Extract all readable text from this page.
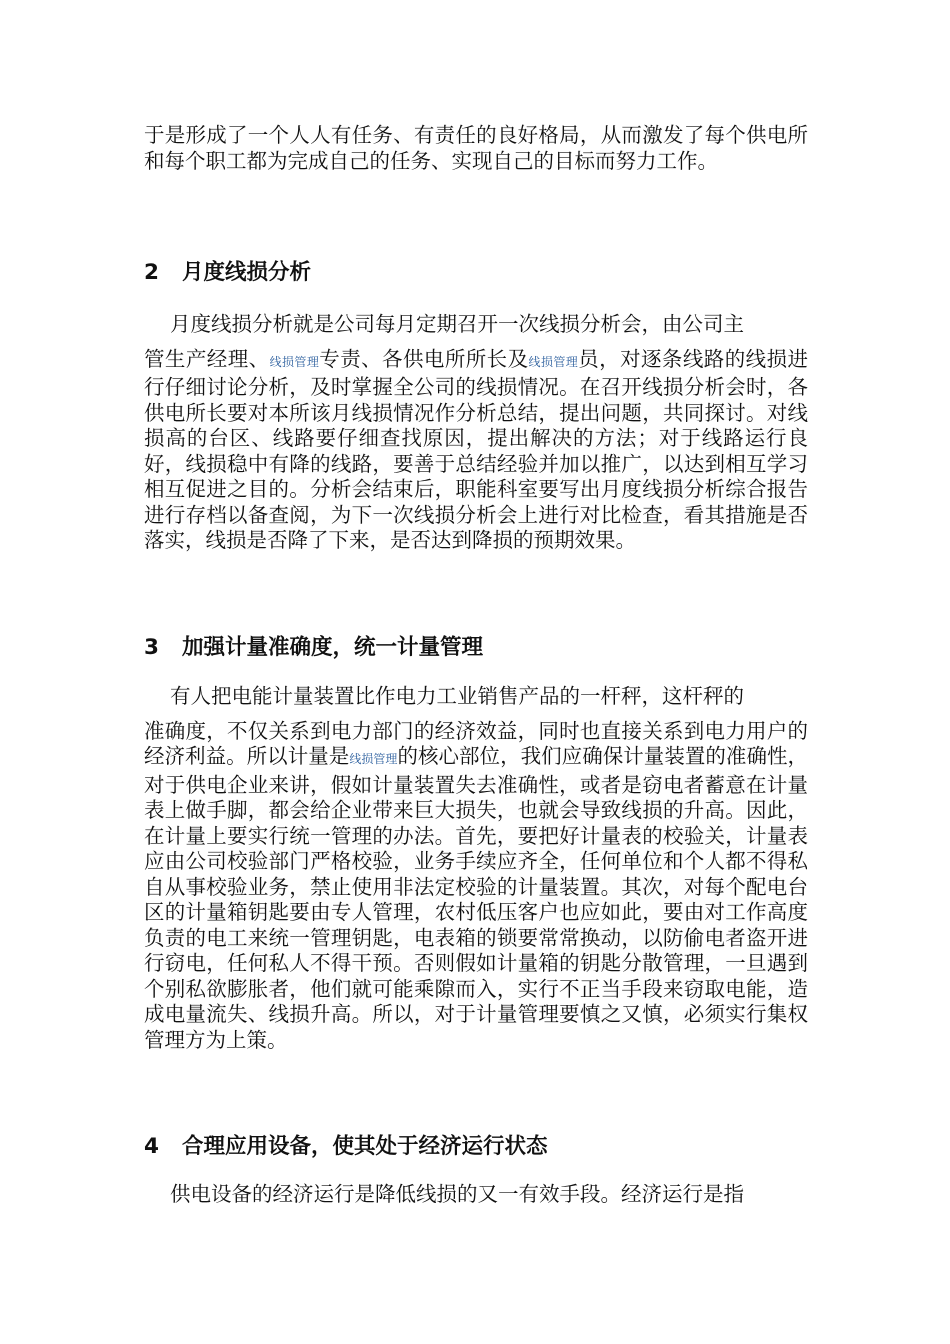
于是形成了一个人人有任务、有责任的良好格局，从而激发了每个供电所和每个职工都为完成自己的任务、实现自己的目标而努力工作。

2 月度线损分析

月度线损分析就是公司每月定期召开一次线损分析会，由公司主
管生产经理、线损管理专责、各供电所所长及线损管理员，对逐条线路的线损进行仔细讨论分析，及时掌握全公司的线损情况。在召开线损分析会时，各供电所长要对本所该月线损情况作分析总结，提出问题，共同探讨。对线损高的台区、线路要仔细查找原因，提出解决的方法；对于线路运行良好，线损稳中有降的线路，要善于总结经验并加以推广，以达到相互学习相互促进之目的。分析会结束后，职能科室要写出月度线损分析综合报告进行存档以备查阅，为下一次线损分析会上进行对比检查，看其措施是否落实，线损是否降了下来，是否达到降损的预期效果。

3 加强计量准确度，统一计量管理

有人把电能计量装置比作电力工业销售产品的一杆秤，这杆秤的
准确度，不仅关系到电力部门的经济效益，同时也直接关系到电力用户的经济利益。所以计量是线损管理的核心部位，我们应确保计量装置的准确性，对于供电企业来讲，假如计量装置失去准确性，或者是窃电者蓄意在计量表上做手脚，都会给企业带来巨大损失，也就会导致线损的升高。因此，在计量上要实行统一管理的办法。首先，要把好计量表的校验关，计量表应由公司校验部门严格校验，业务手续应齐全，任何单位和个人都不得私自从事校验业务，禁止使用非法定校验的计量装置。其次，对每个配电台区的计量箱钥匙要由专人管理，农村低压客户也应如此，要由对工作高度负责的电工来统一管理钥匙，电表箱的锁要常常换动，以防偷电者盗开进行窃电，任何私人不得干预。否则假如计量箱的钥匙分散管理，一旦遇到个别私欲膨胀者，他们就可能乘隙而入，实行不正当手段来窃取电能，造成电量流失、线损升高。所以，对于计量管理要慎之又慎，必须实行集权管理方为上策。

4 合理应用设备，使其处于经济运行状态

供电设备的经济运行是降低线损的又一有效手段。经济运行是指
